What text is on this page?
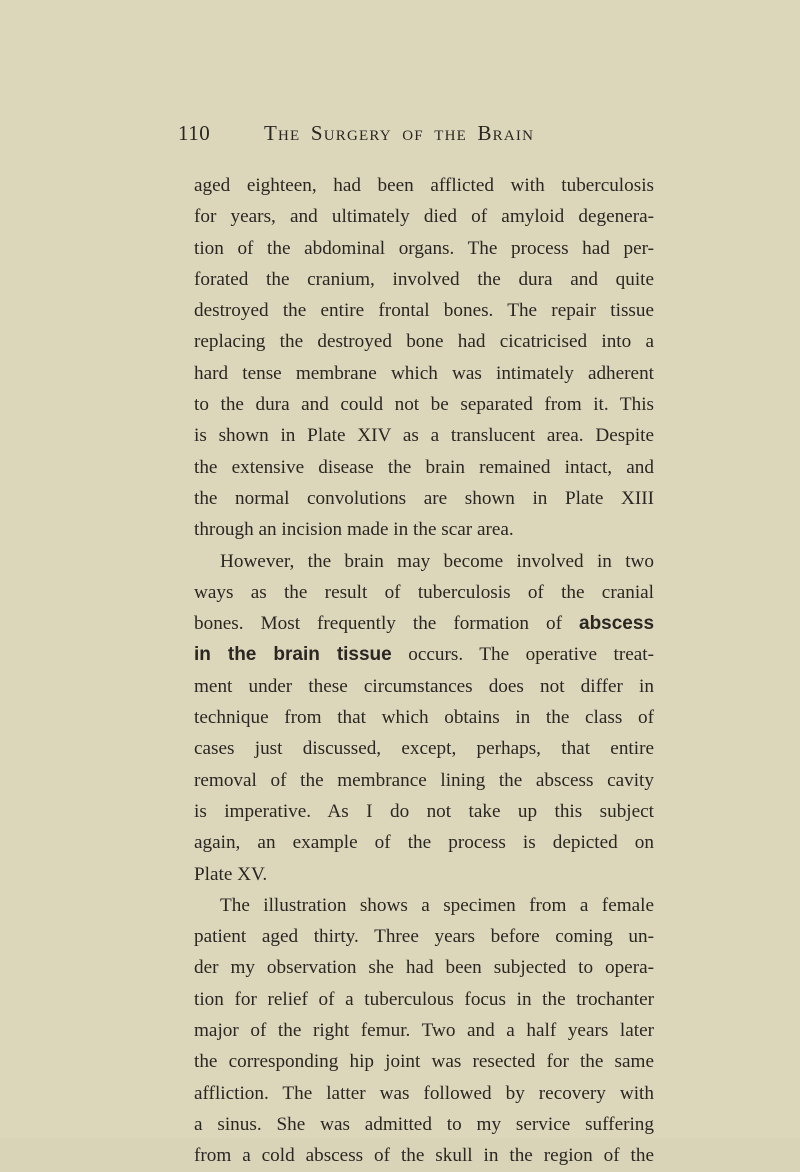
110	The Surgery of the Brain
aged eighteen, had been afflicted with tuberculosis
for years, and ultimately died of amyloid degenera-
tion of the abdominal organs. The process had per-
forated the cranium, involved the dura and quite
destroyed the entire frontal bones. The repair tissue
replacing the destroyed bone had cicatricised into a
hard tense membrane which was intimately adherent
to the dura and could not be separated from it. This
is shown in Plate XIV as a translucent area. Despite
the extensive disease the brain remained intact, and
the normal convolutions are shown in Plate XIII
through an incision made in the scar area.
However, the brain may become involved in two
ways as the result of tuberculosis of the cranial
bones. Most frequently the formation of abscess
in the brain tissue occurs. The operative treat-
ment under these circumstances does not differ in
technique from that which obtains in the class of
cases just discussed, except, perhaps, that entire
removal of the membrance lining the abscess cavity
is imperative. As I do not take up this subject
again, an example of the process is depicted on
Plate XV.
The illustration shows a specimen from a female
patient aged thirty. Three years before coming un-
der my observation she had been subjected to opera-
tion for relief of a tuberculous focus in the trochanter
major of the right femur. Two and a half years later
the corresponding hip joint was resected for the same
affliction. The latter was followed by recovery with
a sinus. She was admitted to my service suffering
from a cold abscess of the skull in the region of the
